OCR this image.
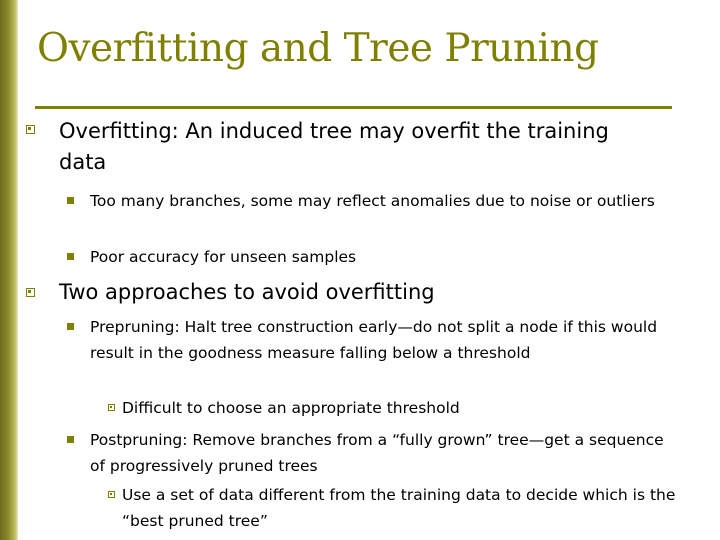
Overfitting and Tree Pruning
Overfitting: An induced tree may overfit the training data
Too many branches, some may reflect anomalies due to noise or outliers
Poor accuracy for unseen samples
Two approaches to avoid overfitting
Prepruning: Halt tree construction early—do not split a node if this would result in the goodness measure falling below a threshold
Difficult to choose an appropriate threshold
Postpruning: Remove branches from a “fully grown” tree—get a sequence of progressively pruned trees
Use a set of data different from the training data to decide which is the “best pruned tree”
